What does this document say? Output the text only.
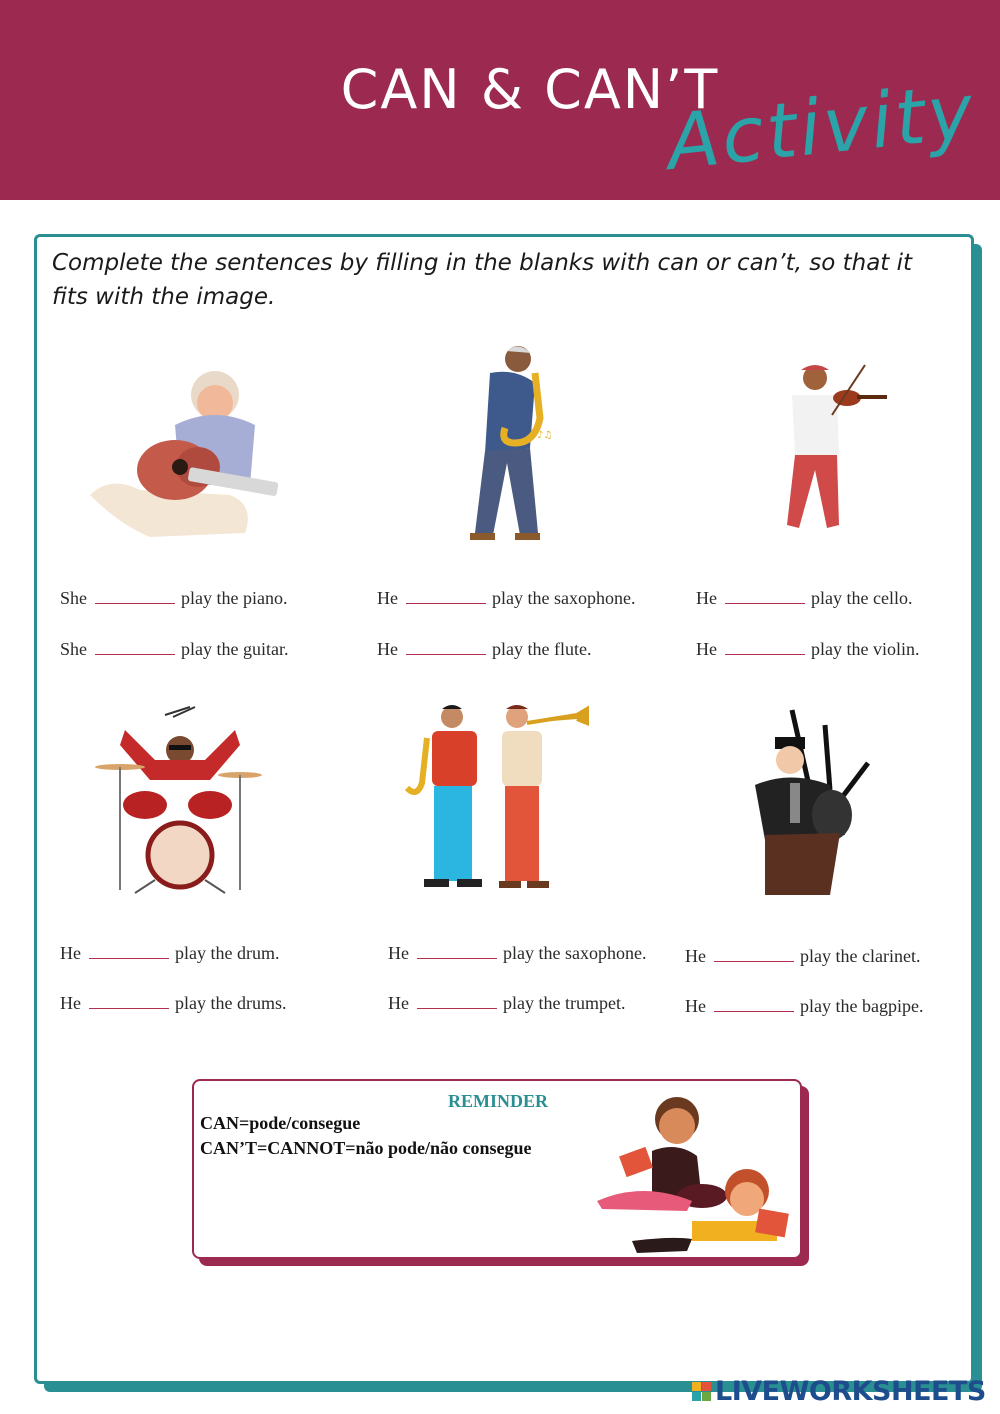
CAN & CAN’T
Activity
Complete the sentences by filling in the blanks with can or can’t, so that it fits with the image.
♪♫
She	play the piano.
She	play the guitar.
He	play the saxophone.
He	play the flute.
He	play the cello.
He	play the violin.
He	play the drum.
He	play the drums.
He	play the saxophone.
He	play the trumpet.
He	play the clarinet.
He	play the bagpipe.
REMINDER
CAN=pode/consegue
CAN’T=CANNOT=não pode/não consegue
LIVEWORKSHEETS
